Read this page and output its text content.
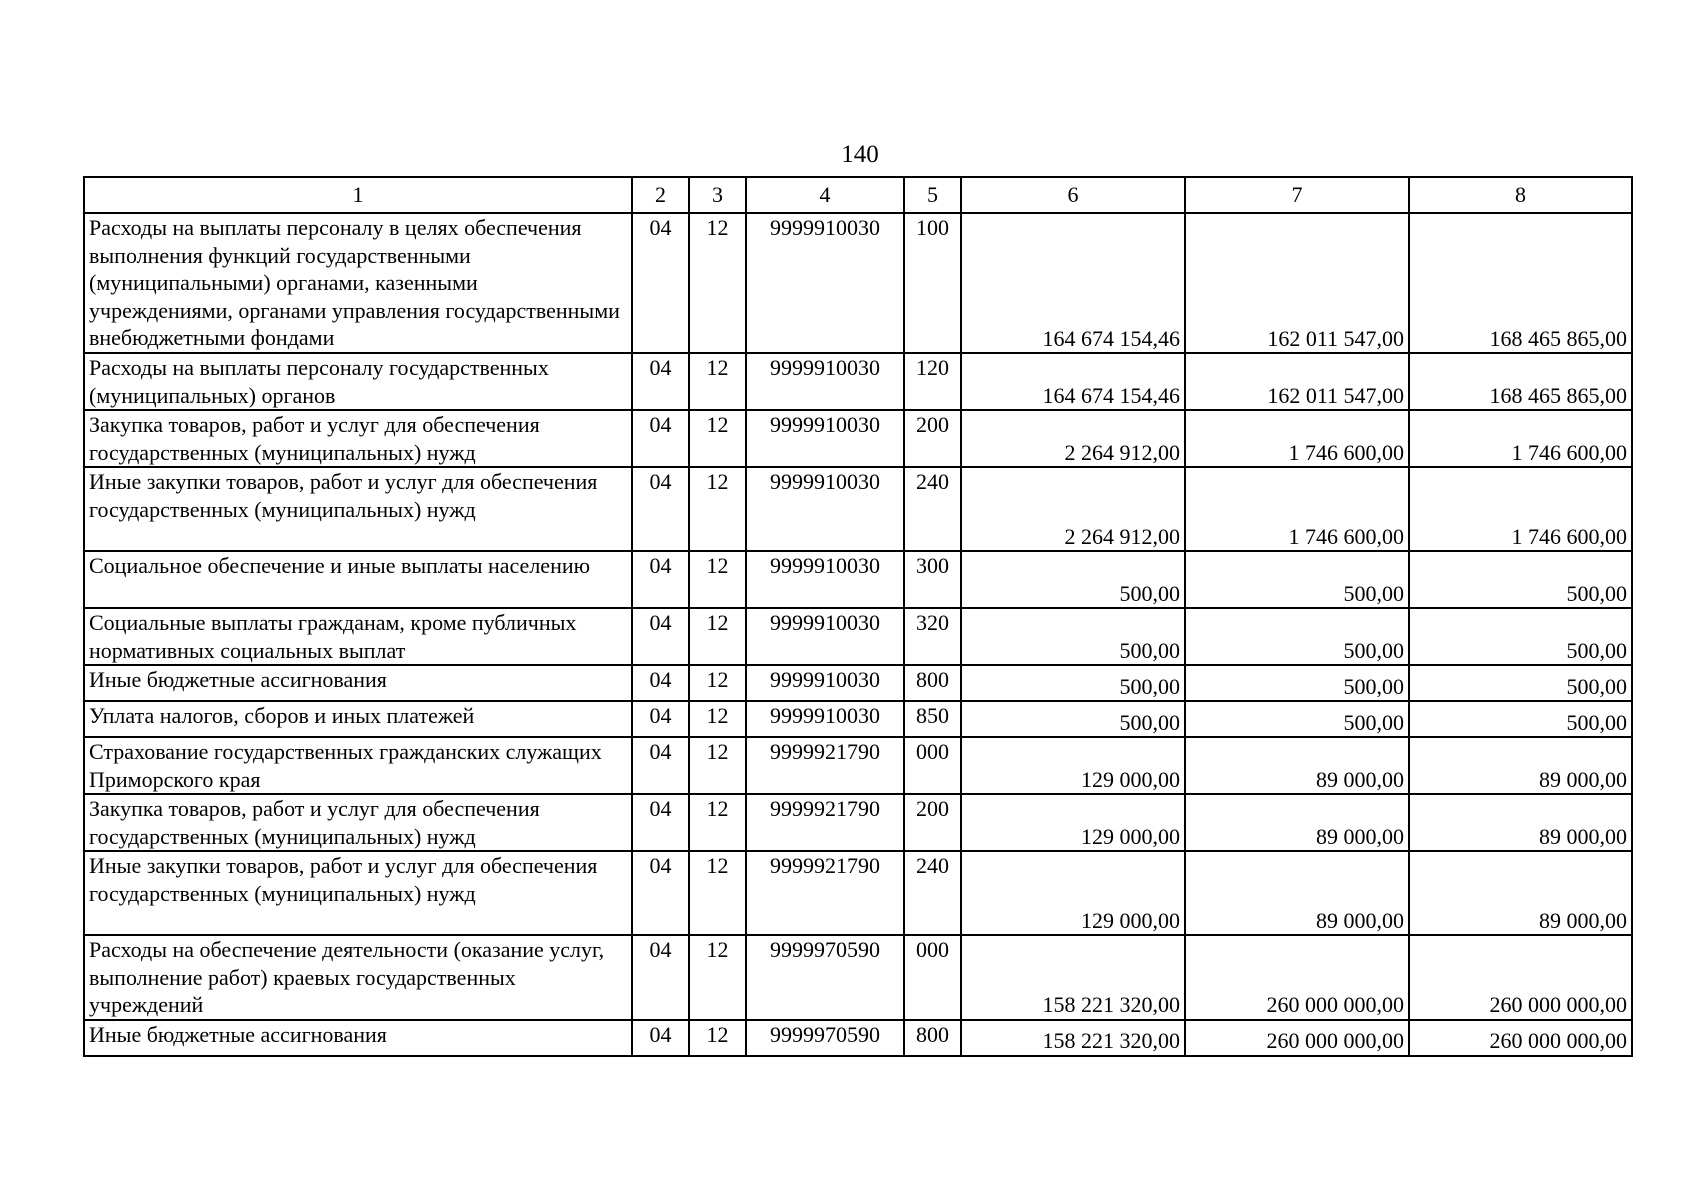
140
1	2	3	4	5	6	7	8
Расходы на выплаты персоналу в целях обеспечения выполнения функций государственными (муниципальными) органами, казенными учреждениями, органами управления государственными внебюджетными фондами	04	12	9999910030	100	164 674 154,46	162 011 547,00	168 465 865,00
Расходы на выплаты персоналу государственных (муниципальных) органов	04	12	9999910030	120	164 674 154,46	162 011 547,00	168 465 865,00
Закупка товаров, работ и услуг для обеспечения государственных (муниципальных) нужд	04	12	9999910030	200	2 264 912,00	1 746 600,00	1 746 600,00
Иные закупки товаров, работ и услуг для обеспечения государственных (муниципальных) нужд	04	12	9999910030	240	2 264 912,00	1 746 600,00	1 746 600,00
Социальное обеспечение и иные выплаты населению	04	12	9999910030	300	500,00	500,00	500,00
Социальные выплаты гражданам, кроме публичных нормативных социальных выплат	04	12	9999910030	320	500,00	500,00	500,00
Иные бюджетные ассигнования	04	12	9999910030	800	500,00	500,00	500,00
Уплата налогов, сборов и иных платежей	04	12	9999910030	850	500,00	500,00	500,00
Страхование государственных гражданских служащих Приморского края	04	12	9999921790	000	129 000,00	89 000,00	89 000,00
Закупка товаров, работ и услуг для обеспечения государственных (муниципальных) нужд	04	12	9999921790	200	129 000,00	89 000,00	89 000,00
Иные закупки товаров, работ и услуг для обеспечения государственных (муниципальных) нужд	04	12	9999921790	240	129 000,00	89 000,00	89 000,00
Расходы на обеспечение деятельности (оказание услуг, выполнение работ) краевых государственных учреждений	04	12	9999970590	000	158 221 320,00	260 000 000,00	260 000 000,00
Иные бюджетные ассигнования	04	12	9999970590	800	158 221 320,00	260 000 000,00	260 000 000,00
